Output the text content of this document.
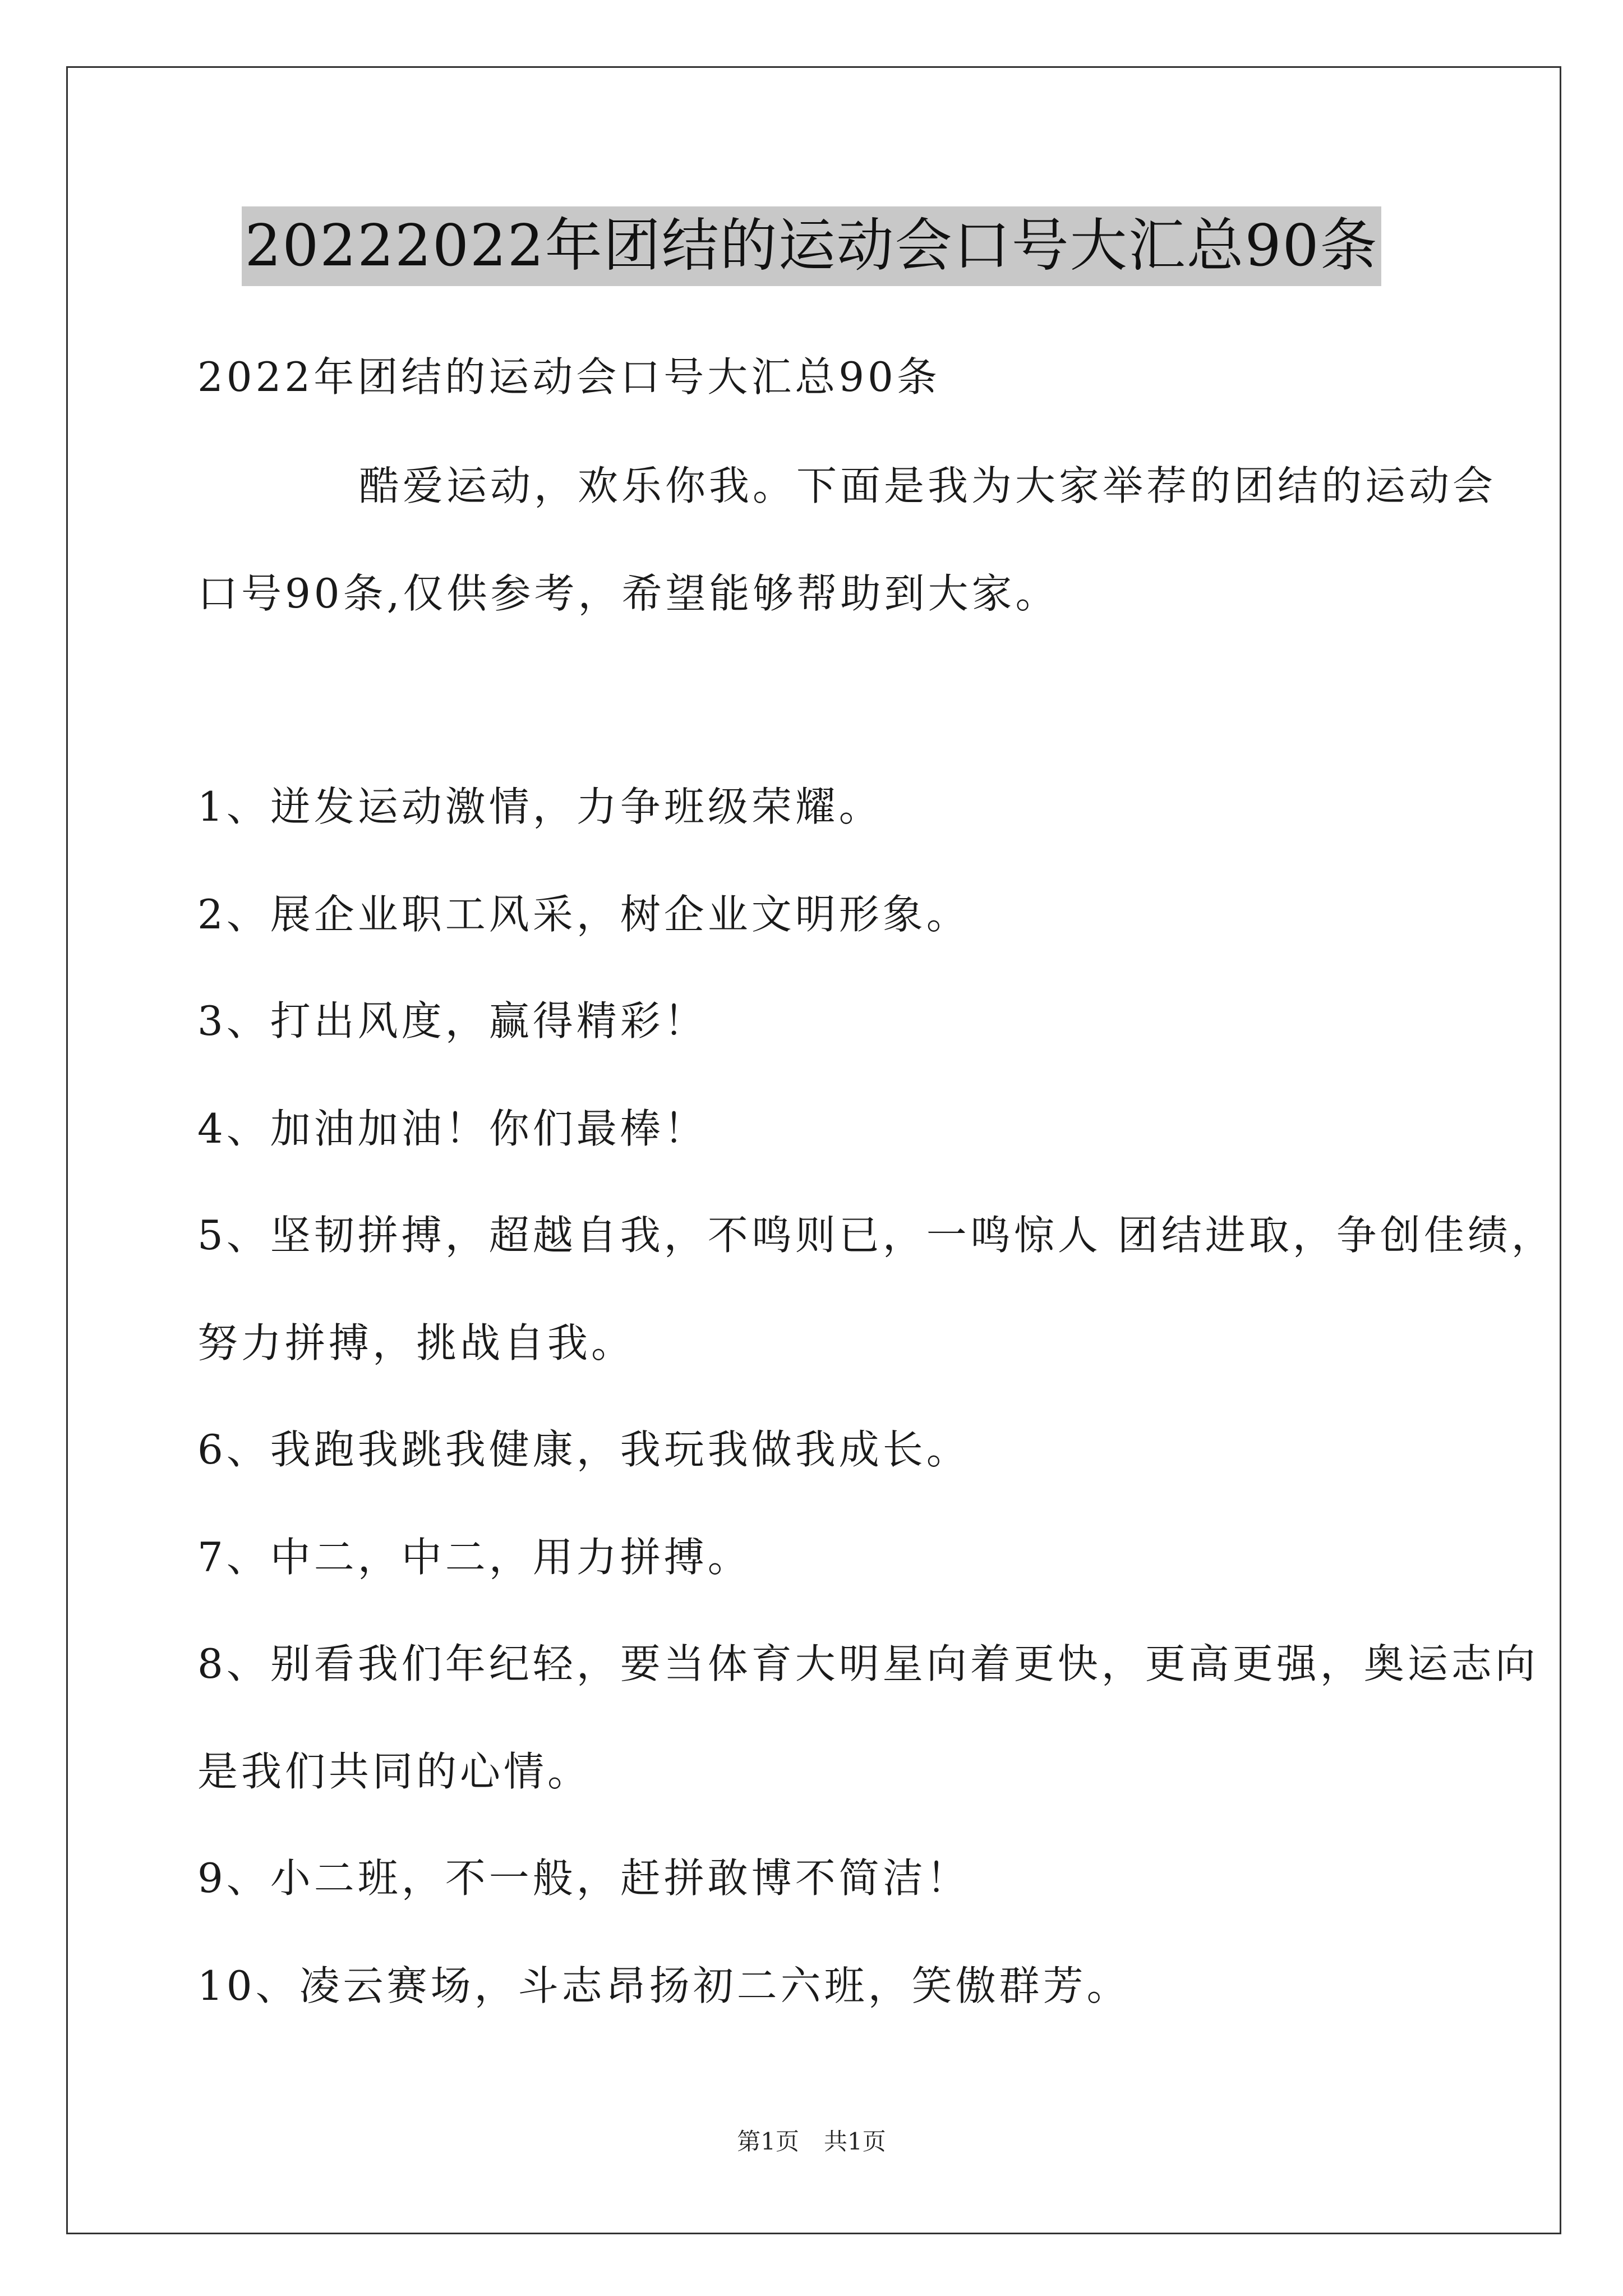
20222022年团结的运动会口号大汇总90条
2022年团结的运动会口号大汇总90条
酷爱运动，欢乐你我。下面是我为大家举荐的团结的运动会
口号90条,仅供参考，希望能够帮助到大家。
1、迸发运动激情，力争班级荣耀。
2、展企业职工风采，树企业文明形象。
3、打出风度，赢得精彩！
4、加油加油！你们最棒！
5、坚韧拼搏，超越自我，不鸣则已，一鸣惊人 团结进取，争创佳绩，
努力拼搏，挑战自我。
6、我跑我跳我健康，我玩我做我成长。
7、中二，中二，用力拼搏。
8、别看我们年纪轻，要当体育大明星向着更快，更高更强，奥运志向
是我们共同的心情。
9、小二班，不一般，赶拼敢博不简洁！
10、凌云赛场，斗志昂扬初二六班，笑傲群芳。
第1页 共1页
